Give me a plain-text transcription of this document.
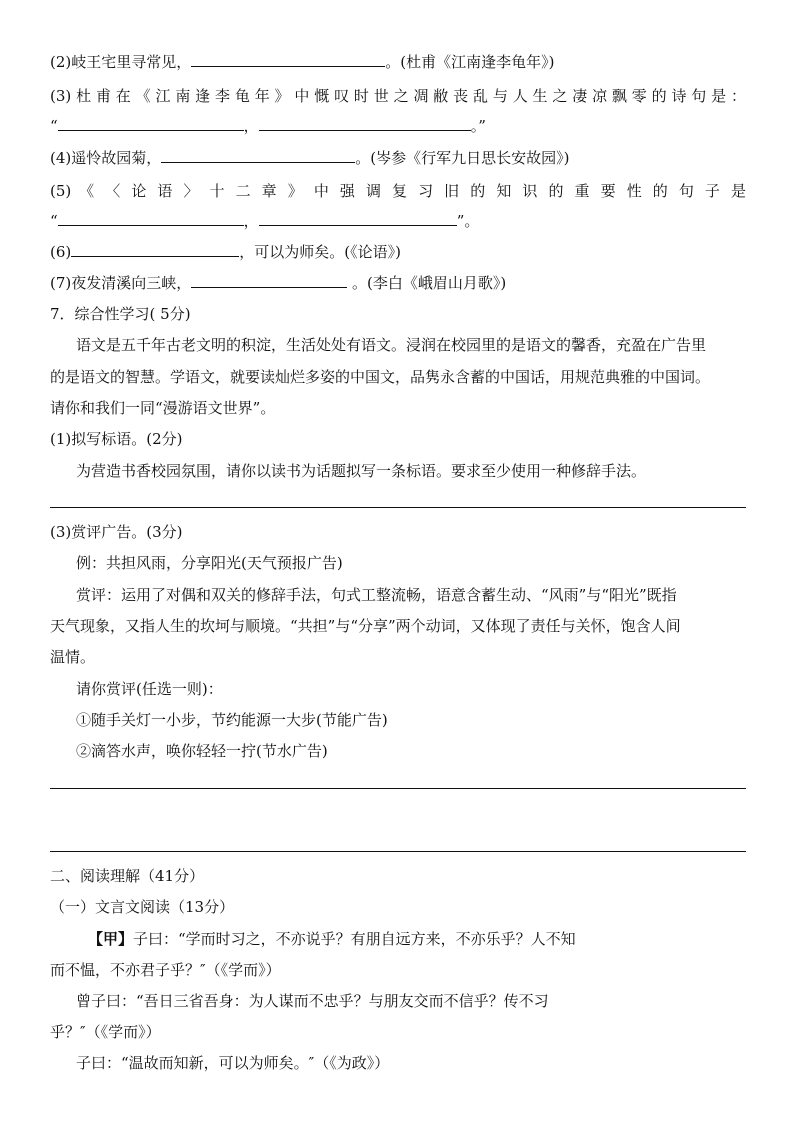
(2)岐王宅里寻常见，	。(杜甫《江南逢李龟年》)
(3)杜甫在《江南逢李龟年》中慨叹时世之凋敝丧乱与人生之凄凉飘零的诗句是：
“	，	。”
(4)遥怜故园菊，	。(岑参《行军九日思长安故园》)
(5) 《 〈 论 语 〉 十 二 章 》 中 强 调 复 习 旧 的 知 识 的 重 要 性 的 句 子 是
“	，	”。
(6)	，可以为师矣。(《论语》)
(7)夜发清溪向三峡，	。(李白《峨眉山月歌》)
7．综合性学习( 5分)
语文是五千年古老文明的积淀，生活处处有语文。浸润在校园里的是语文的馨香，充盈在广告里
的是语文的智慧。学语文，就要读灿烂多姿的中国文，品隽永含蓄的中国话，用规范典雅的中国词。
请你和我们一同“漫游语文世界”。
(1)拟写标语。(2分)
为营造书香校园氛围，请你以读书为话题拟写一条标语。要求至少使用一种修辞手法。
(3)赏评广告。(3分)
例：共担风雨，分享阳光(天气预报广告)
赏评：运用了对偶和双关的修辞手法，句式工整流畅，语意含蓄生动、“风雨”与“阳光”既指
天气现象，又指人生的坎坷与顺境。“共担”与“分享”两个动词，又体现了责任与关怀，饱含人间
温情。
请你赏评(任选一则)：
①随手关灯一小步，节约能源一大步(节能广告)
②滴答水声，唤你轻轻一拧(节水广告)
二、阅读理解（41分）
（一）文言文阅读（13分）
【甲】子曰：“学而时习之，不亦说乎？有朋自远方来，不亦乐乎？人不知
而不愠，不亦君子乎？″（《学而》）
曾子曰：“吾日三省吾身：为人谋而不忠乎？与朋友交而不信乎？传不习
乎？″（《学而》）
子曰：“温故而知新，可以为师矣。″（《为政》）
